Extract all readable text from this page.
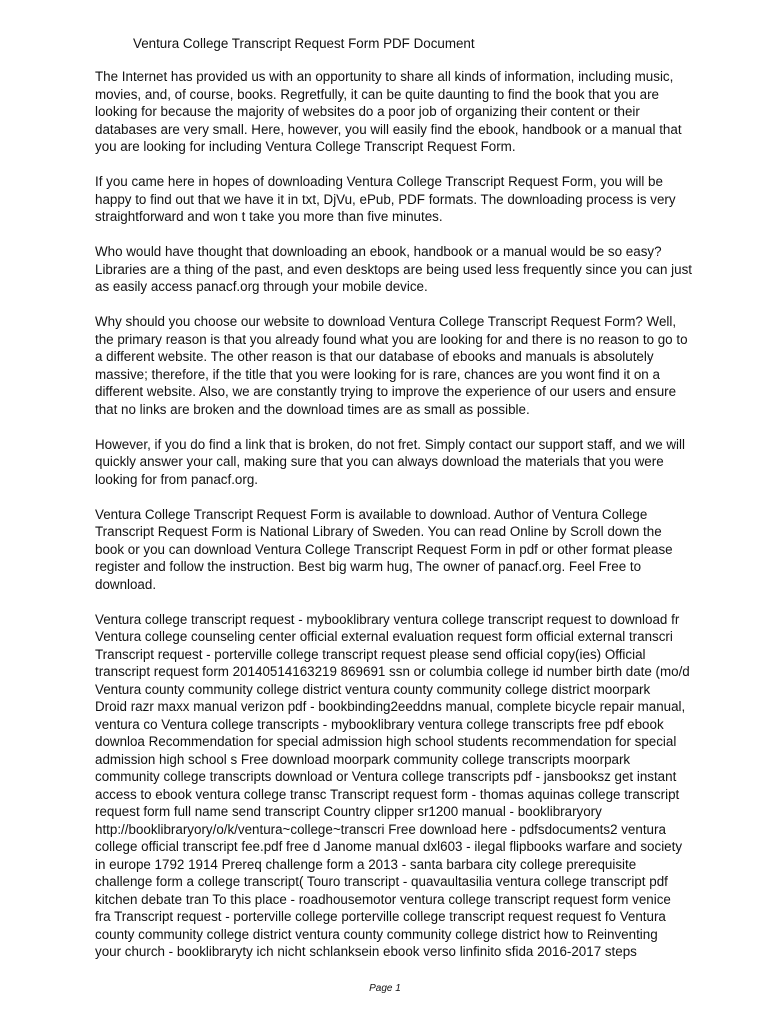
Ventura College Transcript Request Form PDF Document

The Internet has provided us with an opportunity to share all kinds of information, including music,
movies, and, of course, books. Regretfully, it can be quite daunting to find the book that you are
looking for because the majority of websites do a poor job of organizing their content or their
databases are very small. Here, however, you will easily find the ebook, handbook or a manual that
you are looking for including Ventura College Transcript Request Form.

If you came here in hopes of downloading Ventura College Transcript Request Form, you will be
happy to find out that we have it in txt, DjVu, ePub, PDF formats. The downloading process is very
straightforward and won t take you more than five minutes.

Who would have thought that downloading an ebook, handbook or a manual would be so easy?
Libraries are a thing of the past, and even desktops are being used less frequently since you can just
as easily access panacf.org through your mobile device.

Why should you choose our website to download Ventura College Transcript Request Form? Well,
the primary reason is that you already found what you are looking for and there is no reason to go to
a different website. The other reason is that our database of ebooks and manuals is absolutely
massive; therefore, if the title that you were looking for is rare, chances are you wont find it on a
different website. Also, we are constantly trying to improve the experience of our users and ensure
that no links are broken and the download times are as small as possible.

However, if you do find a link that is broken, do not fret. Simply contact our support staff, and we will
quickly answer your call, making sure that you can always download the materials that you were
looking for from panacf.org.

Ventura College Transcript Request Form is available to download. Author of Ventura College
Transcript Request Form is National Library of Sweden. You can read Online by Scroll down the
book or you can download Ventura College Transcript Request Form in pdf or other format please
register and follow the instruction. Best big warm hug, The owner of panacf.org. Feel Free to
download.

Ventura college transcript request - mybooklibrary ventura college transcript request to download fr
Ventura college counseling center official external evaluation request form official external transcri
Transcript request - porterville college transcript request please send official copy(ies) Official
transcript request form 20140514163219 869691 ssn or columbia college id number birth date (mo/d
Ventura county community college district ventura county community college district moorpark
Droid razr maxx manual verizon pdf - bookbinding2eeddns manual, complete bicycle repair manual,
ventura co Ventura college transcripts - mybooklibrary ventura college transcripts free pdf ebook
downloa Recommendation for special admission high school students recommendation for special
admission high school s Free download moorpark community college transcripts moorpark
community college transcripts download or Ventura college transcripts pdf - jansbooksz get instant
access to ebook ventura college transc Transcript request form - thomas aquinas college transcript
request form full name send transcript Country clipper sr1200 manual - booklibraryory
http://booklibraryory/o/k/ventura~college~transcri Free download here - pdfsdocuments2 ventura
college official transcript fee.pdf free d Janome manual dxl603 - ilegal flipbooks warfare and society
in europe 1792 1914 Prereq challenge form a 2013 - santa barbara city college prerequisite
challenge form a college transcript( Touro transcript - quavaultasilia ventura college transcript pdf
kitchen debate tran To this place - roadhousemotor ventura college transcript request form venice
fra Transcript request - porterville college porterville college transcript request request fo Ventura
county community college district ventura county community college district how to Reinventing
your church - booklibraryty ich nicht schlanksein ebook verso linfinito sfida 2016-2017 steps

Page 1
